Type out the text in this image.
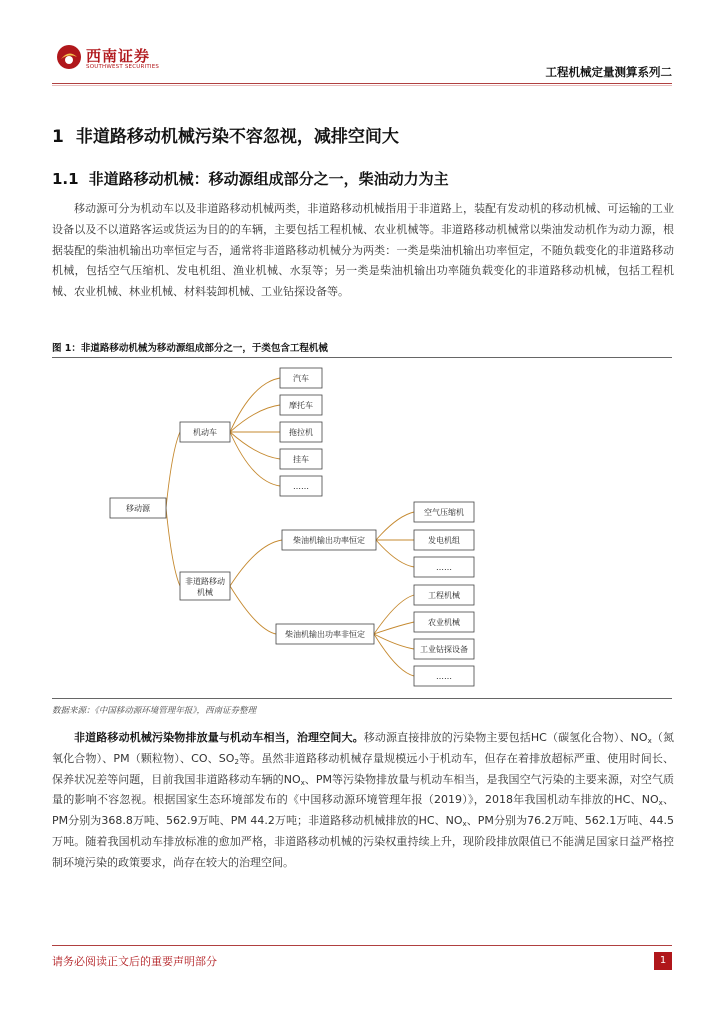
西南证券
SOUTHWEST SECURITIES	工程机械定量测算系列二
1 非道路移动机械污染不容忽视，减排空间大
1.1 非道路移动机械：移动源组成部分之一，柴油动力为主

移动源可分为机动车以及非道路移动机械两类，非道路移动机械指用于非道路上，装配有发动机的移动机械、可运输的工业设备以及不以道路客运或货运为目的的车辆，主要包括工程机械、农业机械等。非道路移动机械常以柴油发动机作为动力源，根据装配的柴油机输出功率恒定与否，通常将非道路移动机械分为两类：一类是柴油机输出功率恒定，不随负载变化的非道路移动机械，包括空气压缩机、发电机组、渔业机械、水泵等；另一类是柴油机输出功率随负载变化的非道路移动机械，包括工程机械、农业机械、林业机械、材料装卸机械、工业钻探设备等。

图 1：非道路移动机械为移动源组成部分之一，于类包含工程机械
移动源
机动车
汽车
摩托车
拖拉机
挂车
……
非道路移动
机械
柴油机输出功率恒定
空气压缩机
发电机组
……
柴油机输出功率非恒定
工程机械
农业机械
工业钻探设备
……
数据来源：《中国移动源环境管理年报》，西南证券整理

非道路移动机械污染物排放量与机动车相当，治理空间大。移动源直接排放的污染物主要包括HC（碳氢化合物）、$NO_x$（氮氧化合物）、PM（颗粒物）、CO、$SO_2$等。虽然非道路移动机械存量规模远小于机动车，但存在着排放超标严重、使用时间长、保养状况差等问题，目前我国非道路移动车辆的$NO_x$、PM等污染物排放量与机动车相当，是我国空气污染的主要来源，对空气质量的影响不容忽视。根据国家生态环境部发布的《中国移动源环境管理年报（2019）》，2018年我国机动车排放的HC、$NO_x$、PM分别为368.8万吨、562.9万吨、PM 44.2万吨；非道路移动机械排放的HC、$NO_x$、PM分别为76.2万吨、562.1万吨、44.5万吨。随着我国机动车排放标准的愈加严格，非道路移动机械的污染权重持续上升，现阶段排放限值已不能满足国家日益严格控制环境污染的政策要求，尚存在较大的治理空间。

请务必阅读正文后的重要声明部分	1
